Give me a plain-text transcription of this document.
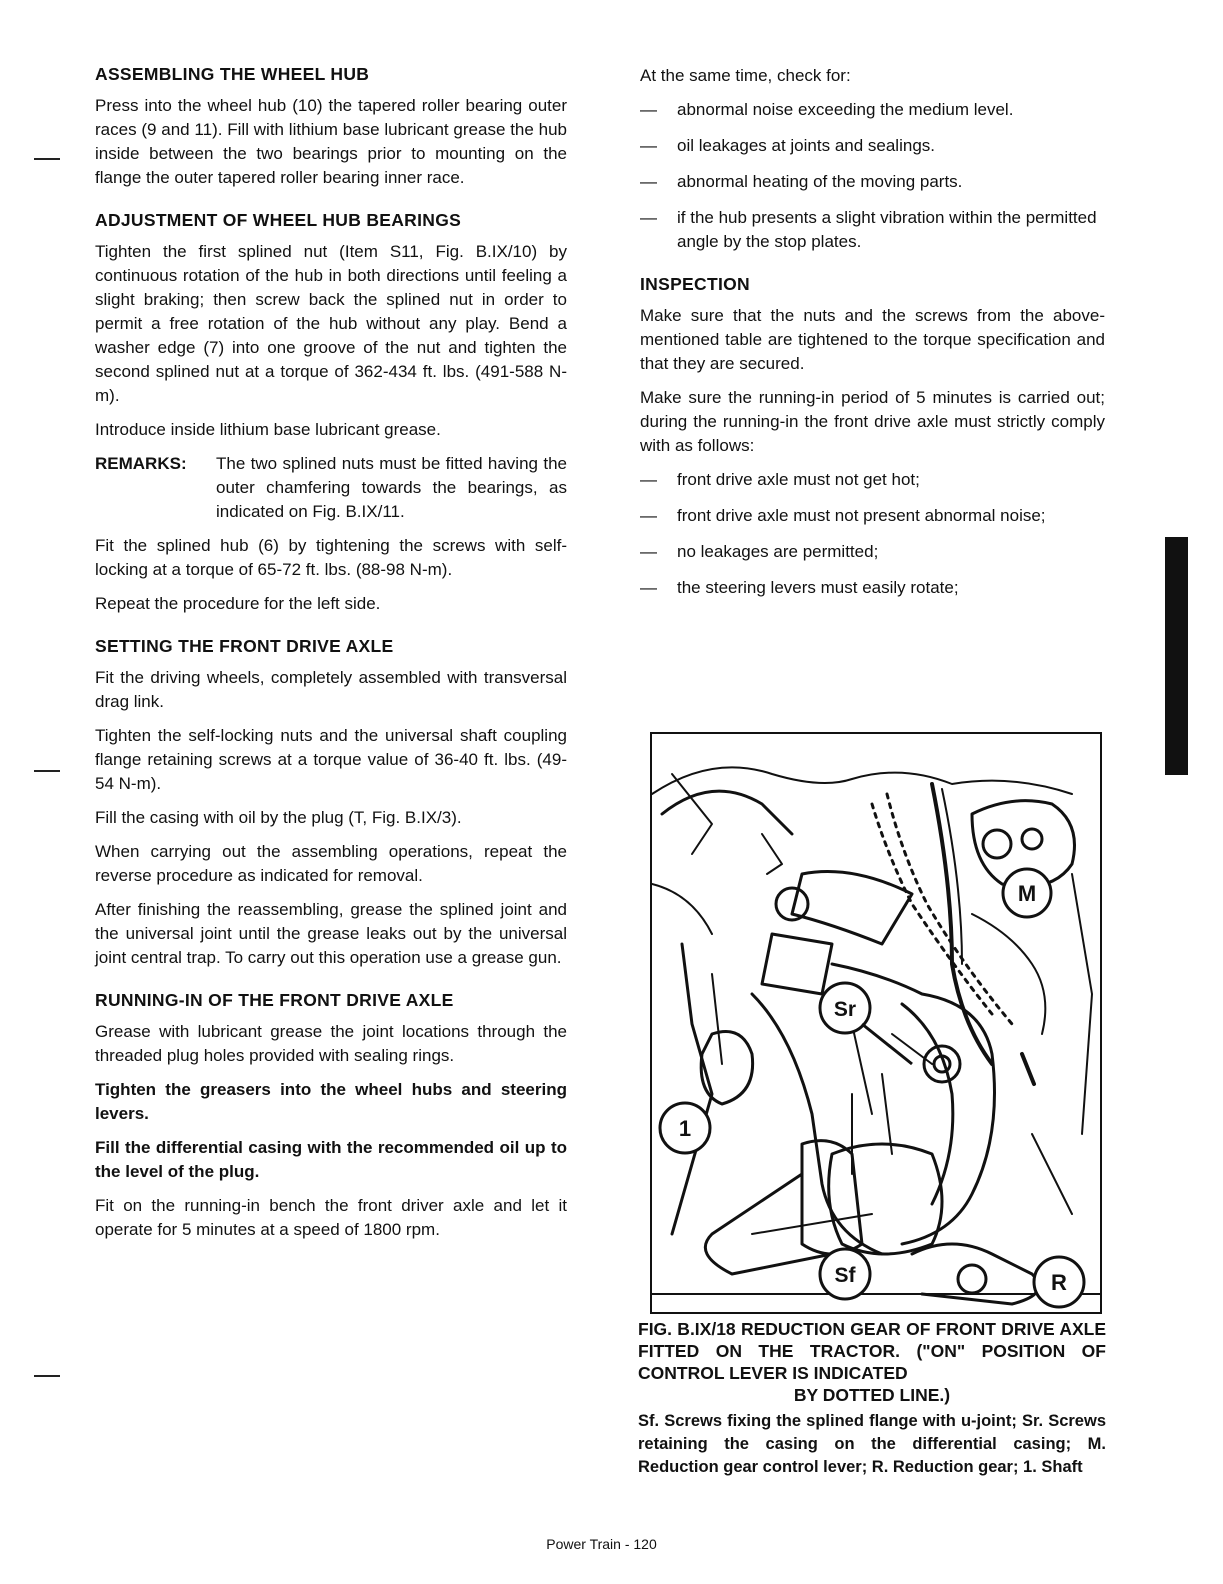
ASSEMBLING THE WHEEL HUB

Press into the wheel hub (10) the tapered roller bearing outer races (9 and 11). Fill with lithium base lubricant grease the hub inside between the two bearings prior to mounting on the flange the outer tapered roller bearing inner race.

ADJUSTMENT OF WHEEL HUB BEARINGS

Tighten the first splined nut (Item S11, Fig. B.IX/10) by continuous rotation of the hub in both directions until feeling a slight braking; then screw back the splined nut in order to permit a free rotation of the hub without any play. Bend a washer edge (7) into one groove of the nut and tighten the second splined nut at a torque of 362-434 ft. lbs. (491-588 N-m).

Introduce inside lithium base lubricant grease.

REMARKS:	The two splined nuts must be fitted having the outer chamfering towards the bearings, as indicated on Fig. B.IX/11.

Fit the splined hub (6) by tightening the screws with self-locking at a torque of 65-72 ft. lbs. (88-98 N-m).

Repeat the procedure for the left side.

SETTING THE FRONT DRIVE AXLE

Fit the driving wheels, completely assembled with transversal drag link.

Tighten the self-locking nuts and the universal shaft coupling flange retaining screws at a torque value of 36-40 ft. lbs. (49-54 N-m).

Fill the casing with oil by the plug (T, Fig. B.IX/3).

When carrying out the assembling operations, repeat the reverse procedure as indicated for removal.

After finishing the reassembling, grease the splined joint and the universal joint until the grease leaks out by the universal joint central trap. To carry out this operation use a grease gun.

RUNNING-IN OF THE FRONT DRIVE AXLE

Grease with lubricant grease the joint locations through the threaded plug holes provided with sealing rings.

Tighten the greasers into the wheel hubs and steering levers.

Fill the differential casing with the recommended oil up to the level of the plug.

Fit on the running-in bench the front driver axle and let it operate for 5 minutes at a speed of 1800 rpm.

At the same time, check for:

— abnormal noise exceeding the medium level.
— oil leakages at joints and sealings.
— abnormal heating of the moving parts.
— if the hub presents a slight vibration within the permitted angle by the stop plates.
INSPECTION

Make sure that the nuts and the screws from the above-mentioned table are tightened to the torque specification and that they are secured.

Make sure the running-in period of 5 minutes is carried out; during the running-in the front drive axle must strictly comply with as follows:

— front drive axle must not get hot;
— front drive axle must not present abnormal noise;
— no leakages are permitted;
— the steering levers must easily rotate;
M
Sr
1
Sf	R

FIG. B.IX/18 REDUCTION GEAR OF FRONT DRIVE AXLE FITTED ON THE TRACTOR. ("ON" POSITION OF CONTROL LEVER IS INDICATED
BY DOTTED LINE.)

Sf. Screws fixing the splined flange with u-joint; Sr. Screws retaining the casing on the differential casing; M. Reduction gear control lever; R. Reduction gear; 1. Shaft

Power Train - 120
